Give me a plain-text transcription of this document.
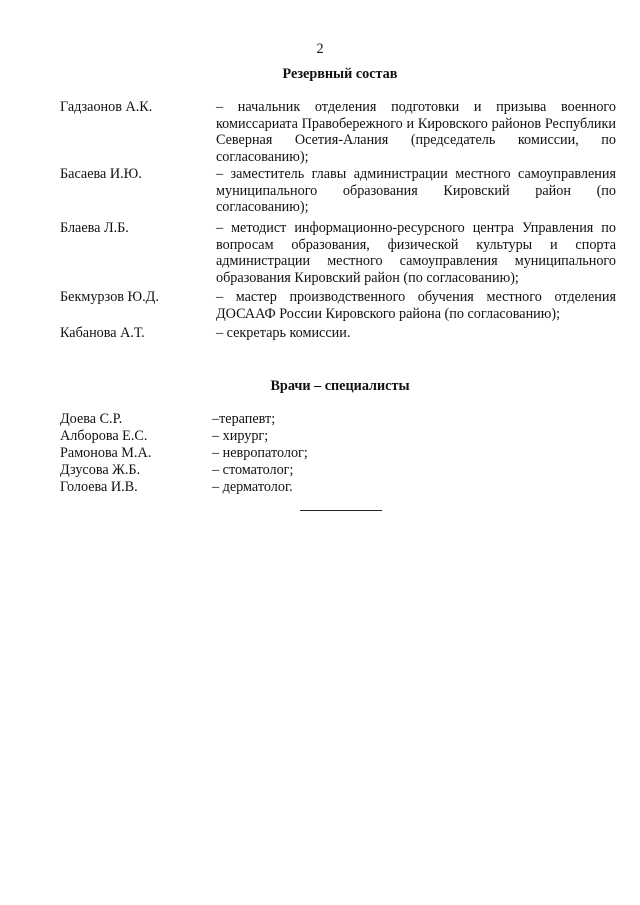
2
Резервный состав
Гадзаонов А.К.	– начальник отделения подготовки и призыва военного комиссариата Правобережного и Кировского районов Республики Северная Осетия-Алания (председатель комиссии, по согласованию);
Басаева И.Ю.	– заместитель главы администрации местного самоуправления муниципального образования Кировский район (по согласованию);
Блаева Л.Б.	– методист информационно-ресурсного центра Управления по вопросам образования, физической культуры и спорта администрации местного самоуправления муниципального образования Кировский район (по согласованию);
Бекмурзов Ю.Д.	– мастер производственного обучения местного отделения ДОСААФ России Кировского района (по согласованию);
Кабанова А.Т.	– секретарь комиссии.
Врачи – специалисты
Доева С.Р.	–терапевт;
Алборова Е.С.	– хирург;
Рамонова М.А.	– невропатолог;
Дзусова Ж.Б.	– стоматолог;
Голоева И.В.	– дерматолог.
